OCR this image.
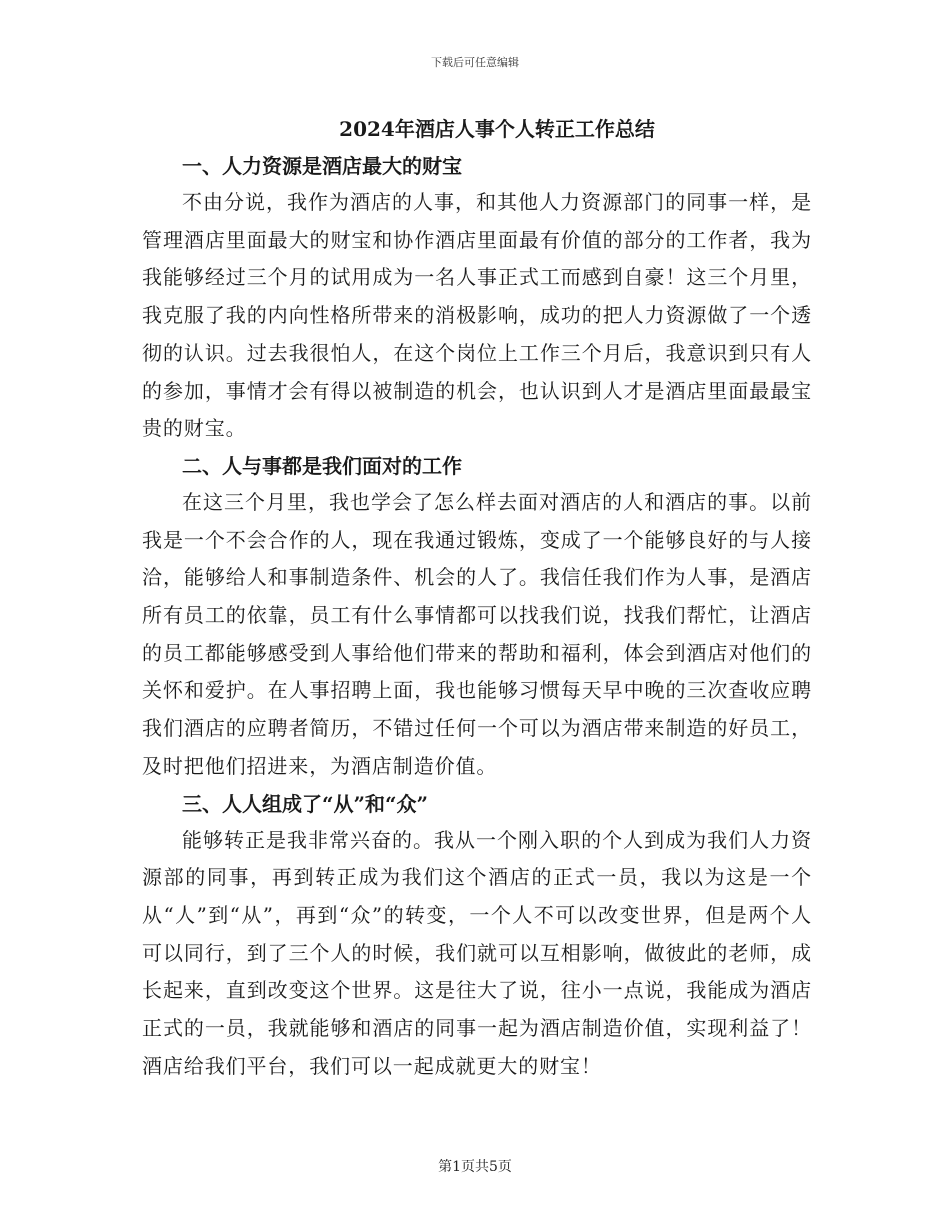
下载后可任意编辑
2024年酒店人事个人转正工作总结

一、人力资源是酒店最大的财宝

不由分说，我作为酒店的人事，和其他人力资源部门的同事一样，是管理酒店里面最大的财宝和协作酒店里面最有价值的部分的工作者，我为我能够经过三个月的试用成为一名人事正式工而感到自豪！这三个月里，我克服了我的内向性格所带来的消极影响，成功的把人力资源做了一个透彻的认识。过去我很怕人，在这个岗位上工作三个月后，我意识到只有人的参加，事情才会有得以被制造的机会，也认识到人才是酒店里面最最宝贵的财宝。

二、人与事都是我们面对的工作

在这三个月里，我也学会了怎么样去面对酒店的人和酒店的事。以前我是一个不会合作的人，现在我通过锻炼，变成了一个能够良好的与人接洽，能够给人和事制造条件、机会的人了。我信任我们作为人事，是酒店所有员工的依靠，员工有什么事情都可以找我们说，找我们帮忙，让酒店的员工都能够感受到人事给他们带来的帮助和福利，体会到酒店对他们的关怀和爱护。在人事招聘上面，我也能够习惯每天早中晚的三次查收应聘我们酒店的应聘者简历，不错过任何一个可以为酒店带来制造的好员工，及时把他们招进来，为酒店制造价值。

三、人人组成了“从”和“众”

能够转正是我非常兴奋的。我从一个刚入职的个人到成为我们人力资源部的同事，再到转正成为我们这个酒店的正式一员，我以为这是一个从“人”到“从”，再到“众”的转变，一个人不可以改变世界，但是两个人可以同行，到了三个人的时候，我们就可以互相影响，做彼此的老师，成长起来，直到改变这个世界。这是往大了说，往小一点说，我能成为酒店正式的一员，我就能够和酒店的同事一起为酒店制造价值，实现利益了！酒店给我们平台，我们可以一起成就更大的财宝！

第1页共5页
